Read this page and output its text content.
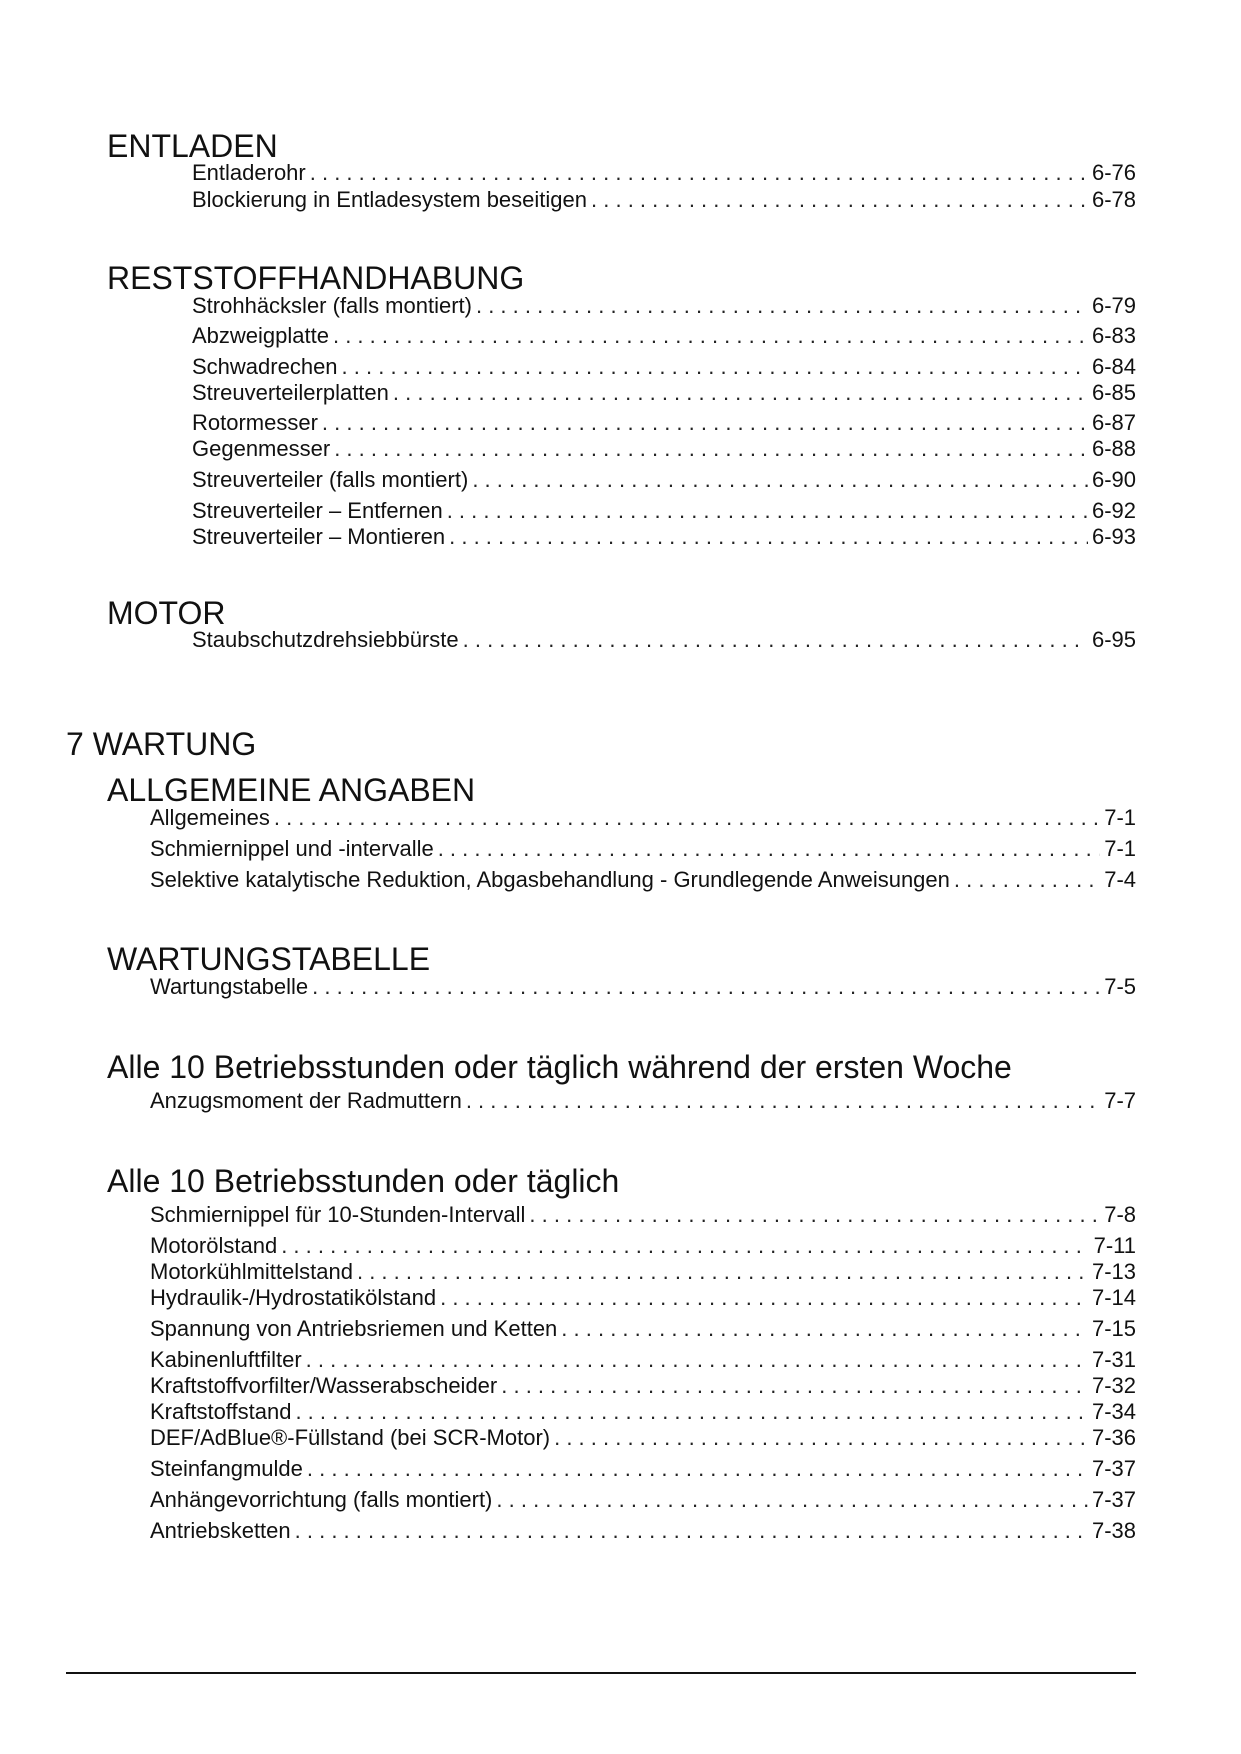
ENTLADEN
Entladerohr . . .	6-76
Blockierung in Entladesystem beseitigen . . .	6-78
RESTSTOFFHANDHABUNG
Strohhäcksler (falls montiert) . . .	6-79
Abzweigplatte . . .	6-83
Schwadrechen . . .	6-84
Streuverteilerplatten . . .	6-85
Rotormesser . . .	6-87
Gegenmesser . . .	6-88
Streuverteiler (falls montiert) . . .	6-90
Streuverteiler – Entfernen . . .	6-92
Streuverteiler – Montieren . . .	6-93
MOTOR
Staubschutzdrehsiebbürste . . .	6-95
7 WARTUNG
ALLGEMEINE ANGABEN
Allgemeines . . .	7-1
Schmiernippel und -intervalle . . .	7-1
Selektive katalytische Reduktion, Abgasbehandlung - Grundlegende Anweisungen . . .	7-4
WARTUNGSTABELLE
Wartungstabelle . . .	7-5
Alle 10 Betriebsstunden oder täglich während der ersten Woche
Anzugsmoment der Radmuttern . . .	7-7
Alle 10 Betriebsstunden oder täglich
Schmiernippel für 10-Stunden-Intervall . . .	7-8
Motorölstand . . .	7-11
Motorkühlmittelstand . . .	7-13
Hydraulik-/Hydrostatikölstand . . .	7-14
Spannung von Antriebsriemen und Ketten . . .	7-15
Kabinenluftfilter . . .	7-31
Kraftstoffvorfilter/Wasserabscheider . . .	7-32
Kraftstoffstand . . .	7-34
DEF/AdBlue®-Füllstand (bei SCR-Motor) . . .	7-36
Steinfangmulde . . .	7-37
Anhängevorrichtung (falls montiert) . . .	7-37
Antriebsketten . . .	7-38
